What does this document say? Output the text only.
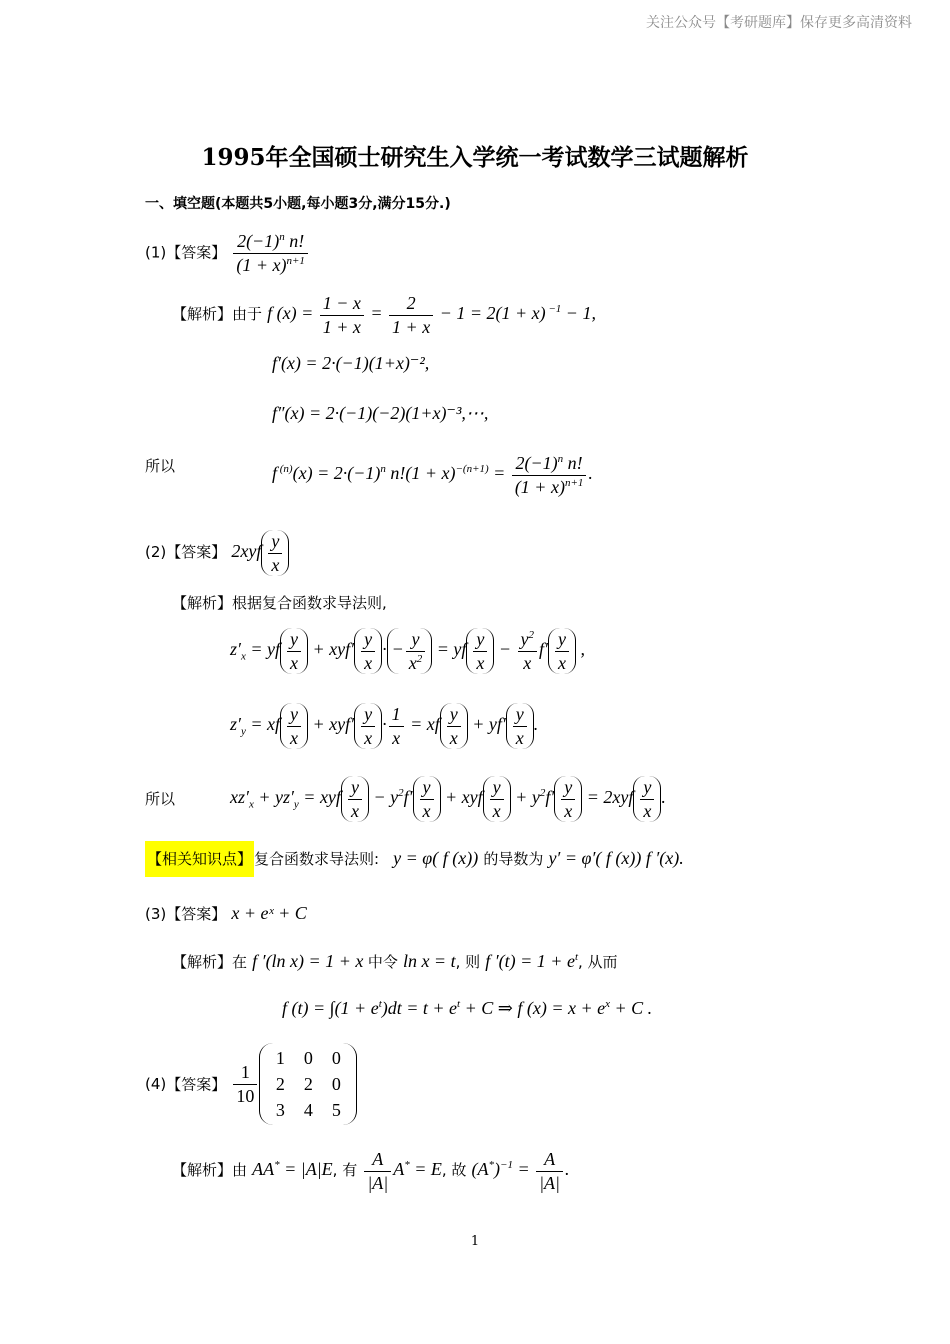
关注公众号【考研题库】保存更多高清资料
1995年全国硕士研究生入学统一考试数学三试题解析
一、填空题(本题共5小题,每小题3分,满分15分.)
(1)【答案】 $\frac{2(-1)^n n!}{(1 + x)^{n+1}}$
【解析】由于 f $(x) = \frac{1 - x}{1 + x} = \frac{2}{1 + x} - 1 = 2(1 + x) ^{-1} - 1$,
f′(x) = 2·(−1)(1+x)⁻²,
f″(x) = 2·(−1)(−2)(1+x)⁻³,⋯,
所以	f $^{(n)}(x) = 2\cdot(-1)^n$ $n!(1 + x)^{-(n+1)} = \frac{2(-1)^n n!}{(1 + x)^{n+1}}$ .
(2)【答案】 $2xyf \frac{y}{x}$
【解析】根据复合函数求导法则,
$z'_x$ = yf $\frac{y}{x} + xyf' \frac{y}{x}$ · − $\frac{y}{x^2}$ = yf $\frac{y}{x} - \frac{y^2}{x} f' \frac{y}{x}$ ,
$z'_y$ = xf $\frac{y}{x} + xyf' \frac{y}{x} \cdot \frac{1}{x}$ = xf $\frac{y}{x} + yf' \frac{y}{x}$ .
所以	$xz'_x + yz'_y$ = xyf $\frac{y}{x} - y^2f' \frac{y}{x}$ + xyf $\frac{y}{x} + y^2f' \frac{y}{x} = 2xyf \frac{y}{x}$ .
【相关知识点】 复合函数求导法则:   y = φ( f (x)) 的导数为 y′ = φ′( f (x)) f ′(x).
(3)【答案】 x + eˣ + C
【解析】在 f ′(ln x) = 1 + x 中令 ln x = t, 则 f $'(t) = 1 + e^t$, 从而
f $(t) = \int(1 + e^t)dt = t + e^t + C$ ⇒ f $(x) = x + e^x + C$ .
(4)【答案】 $\frac{1}{10}$
1	0	0
2	2	0
3	4	5
【解析】由 AA* = |A|E, 有 $\frac{A}{|A|} A^* = E$, 故 $(A^*)^{-1} = \frac{A}{|A|}$ .
1
